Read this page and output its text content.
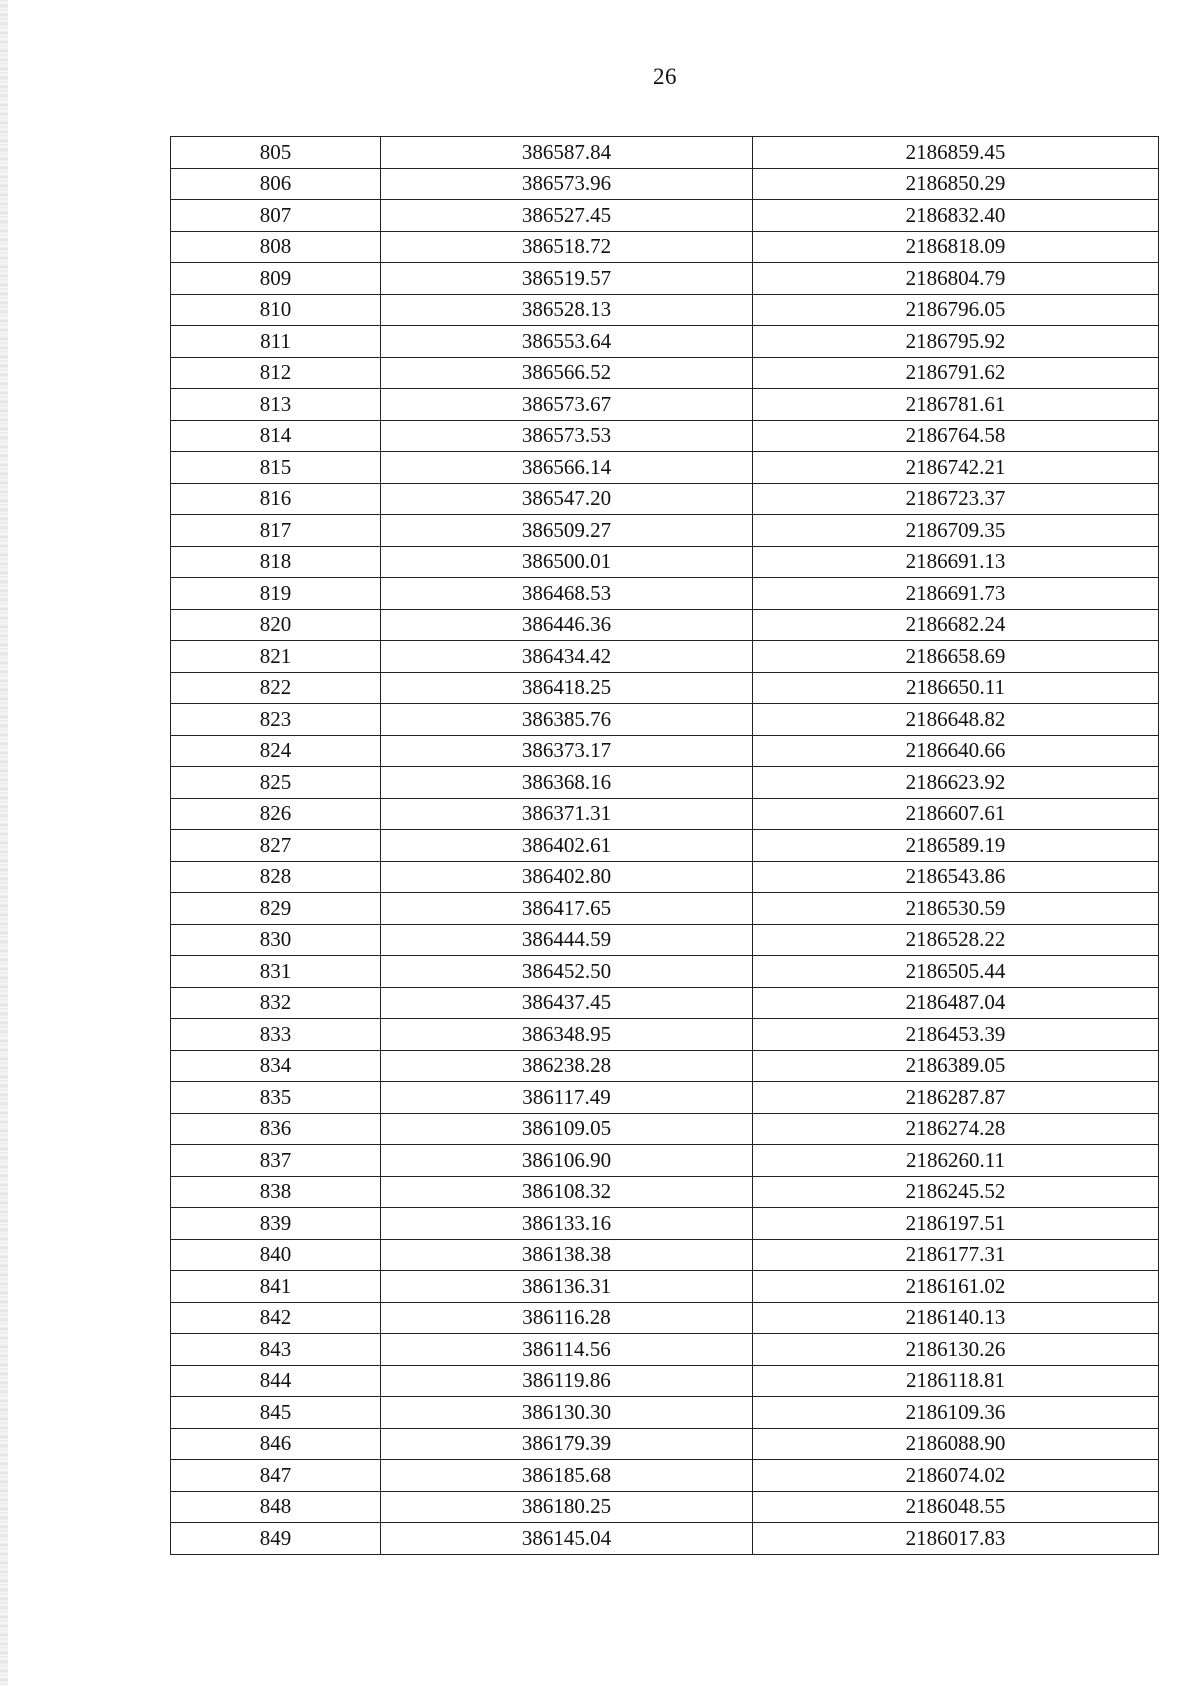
26
805	386587.84	2186859.45
806	386573.96	2186850.29
807	386527.45	2186832.40
808	386518.72	2186818.09
809	386519.57	2186804.79
810	386528.13	2186796.05
811	386553.64	2186795.92
812	386566.52	2186791.62
813	386573.67	2186781.61
814	386573.53	2186764.58
815	386566.14	2186742.21
816	386547.20	2186723.37
817	386509.27	2186709.35
818	386500.01	2186691.13
819	386468.53	2186691.73
820	386446.36	2186682.24
821	386434.42	2186658.69
822	386418.25	2186650.11
823	386385.76	2186648.82
824	386373.17	2186640.66
825	386368.16	2186623.92
826	386371.31	2186607.61
827	386402.61	2186589.19
828	386402.80	2186543.86
829	386417.65	2186530.59
830	386444.59	2186528.22
831	386452.50	2186505.44
832	386437.45	2186487.04
833	386348.95	2186453.39
834	386238.28	2186389.05
835	386117.49	2186287.87
836	386109.05	2186274.28
837	386106.90	2186260.11
838	386108.32	2186245.52
839	386133.16	2186197.51
840	386138.38	2186177.31
841	386136.31	2186161.02
842	386116.28	2186140.13
843	386114.56	2186130.26
844	386119.86	2186118.81
845	386130.30	2186109.36
846	386179.39	2186088.90
847	386185.68	2186074.02
848	386180.25	2186048.55
849	386145.04	2186017.83
